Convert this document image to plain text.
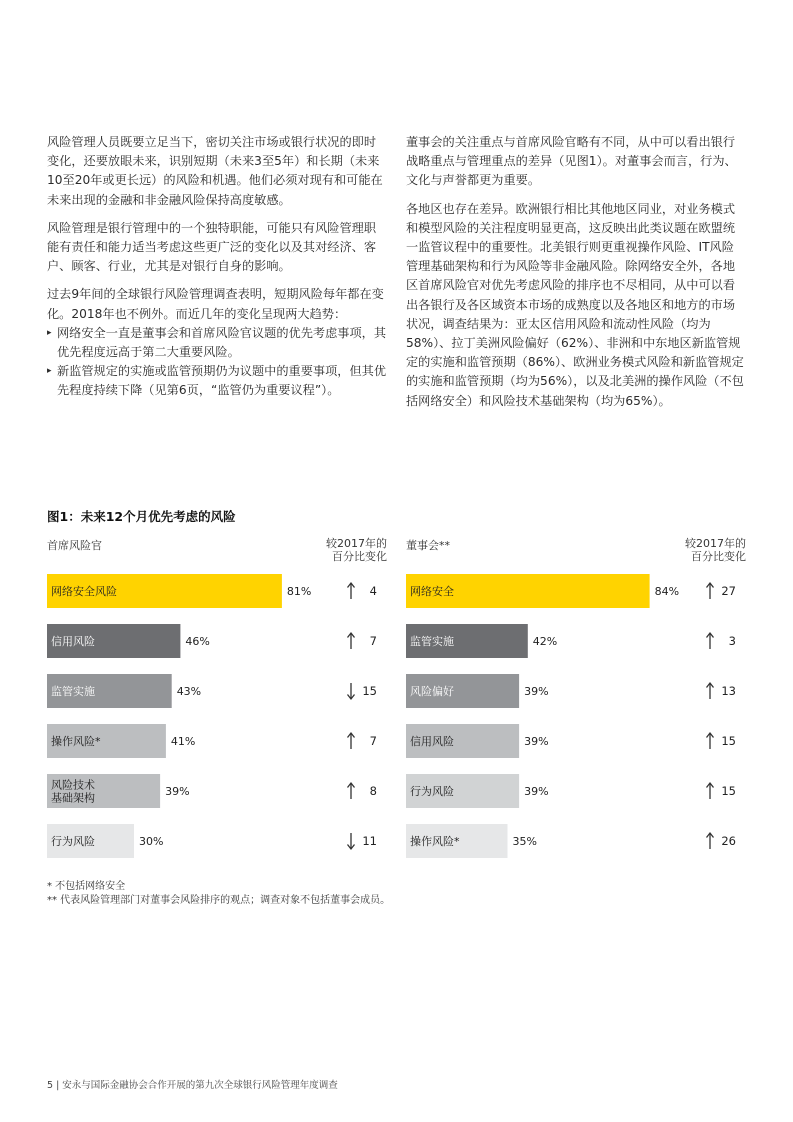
风险管理人员既要立足当下，密切关注市场或银行状况的即时变化，还要放眼未来，识别短期（未来3至5年）和长期（未来10至20年或更长远）的风险和机遇。他们必须对现有和可能在未来出现的金融和非金融风险保持高度敏感。

风险管理是银行管理中的一个独特职能，可能只有风险管理职能有责任和能力适当考虑这些更广泛的变化以及其对经济、客户、顾客、行业，尤其是对银行自身的影响。

过去9年间的全球银行风险管理调查表明，短期风险每年都在变化。2018年也不例外。而近几年的变化呈现两大趋势：

▸ 网络安全一直是董事会和首席风险官议题的优先考虑事项，其优先程度远高于第二大重要风险。
▸ 新监管规定的实施或监管预期仍为议题中的重要事项，但其优先程度持续下降（见第6页，“监管仍为重要议程”）。

董事会的关注重点与首席风险官略有不同，从中可以看出银行战略重点与管理重点的差异（见图1）。对董事会而言，行为、文化与声誉都更为重要。

各地区也存在差异。欧洲银行相比其他地区同业，对业务模式和模型风险的关注程度明显更高，这反映出此类议题在欧盟统一监管议程中的重要性。北美银行则更重视操作风险、IT风险管理基础架构和行为风险等非金融风险。除网络安全外，各地区首席风险官对优先考虑风险的排序也不尽相同，从中可以看出各银行及各区域资本市场的成熟度以及各地区和地方的市场状况，调查结果为：亚太区信用风险和流动性风险（均为58%）、拉丁美洲风险偏好（62%）、非洲和中东地区新监管规定的实施和监管预期（86%）、欧洲业务模式风险和新监管规定的实施和监管预期（均为56%），以及北美洲的操作风险（不包括网络安全）和风险技术基础架构（均为65%）。

图1：未来12个月优先考虑的风险
首席风险官	较2017年的
百分比变化
网络安全风险	81%	4
信用风险	46%	7
监管实施	43%	15
操作风险*	41%	7
风险技术
基础架构	39%	8
行为风险	30%	11
董事会**	较2017年的
百分比变化
网络安全	84%	27
监管实施	42%	3
风险偏好	39%	13
信用风险	39%	15
行为风险	39%	15
操作风险*	35%	26
* 不包括网络安全
** 代表风险管理部门对董事会风险排序的观点；调查对象不包括董事会成员。
5 | 安永与国际金融协会合作开展的第九次全球银行风险管理年度调查
